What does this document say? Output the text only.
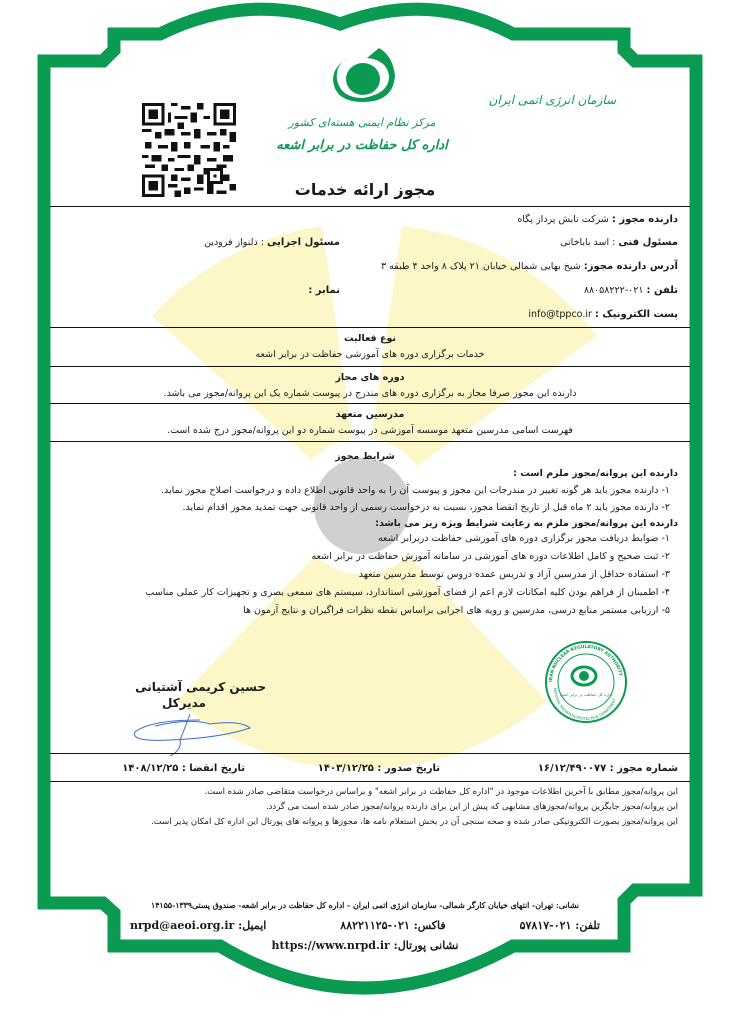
مرکز نظام ایمنی هسته‌ای کشور
اداره کل حفاظت در برابر اشعه
سازمان انرژی اتمی ایران
مجوز ارائه خدمات
دارنده مجوز : شرکت تابش پرداز پگاه
مسئول فنی : اسد باباخانی
مسئول اجرایی : دلنواز فرودین
آدرس دارنده مجوز: شیخ بهایی شمالی خیابان ۲۱ پلاک ۸ واحد ۴ طبقه ۳
تلفن : ۰۲۱-۸۸۰۵۸۲۲۲
نمابر :
پست الکترونیک : info@tppco.ir
نوع فعالیت
خدمات برگزاری دوره های آموزشی حفاظت در برابر اشعه
دوره های مجاز
دارنده این مجوز صرفا مجاز به برگزاری دوره های مندرج در پیوست شماره یک این پروانه/مجوز می باشد.
مدرسین متعهد
فهرست اسامی مدرسین متعهد موسسه آموزشی در پیوست شماره دو این پروانه/مجوز درج شده است.
شرایط مجوز
دارنده این پروانه/مجوز ملزم است :
۱- دارنده مجوز باید هر گونه تغییر در مندرجات این مجوز و پیوست آن را به واحد قانونی اطلاع داده و درخواست اصلاح مجوز نماید.
۲- دارنده مجوز باید ۲ ماه قبل از تاریخ انقضا مجوز، نسبت به درخواست رسمی از واحد قانونی جهت تمدید مجوز اقدام نماید.
دارنده این پروانه/مجوز ملزم به رعایت شرایط ویژه زیر می باشد:
۱- ضوابط دریافت مجوز برگزاری دوره های آموزشی حفاظت دربرابر اشعه
۲- ثبت صحیح و کامل اطلاعات دوره های آموزشی در سامانه آموزش حفاظت در برابر اشعه
۳- استفاده حداقل از مدرسین آزاد و تدریس عمده دروس توسط مدرسین متعهد
۴- اطمینان از فراهم بودن کلیه امکانات لازم اعم از فضای آموزشی استاندارد، سیستم های سمعی بصری و تجهیزات کار عملی مناسب
۵- ارزیابی مستمر منابع درسی، مدرسین و رویه های اجرایی براساس نقطه نظرات فراگیران و نتایج آزمون ها
IRAN NUCLEAR REGULATORY AUTHORITY
NATIONAL RADIATION PROTECTION DEPARTMENT
اداره کل حفاظت در برابر اشعه
حسین کریمی آشتیانی
مدیرکل
شماره مجوز : ۱۶/۱۲/۴۹۰۰۷۷
تاریخ صدور : ۱۴۰۳/۱۲/۲۵
تاریخ انقضا : ۱۴۰۸/۱۲/۲۵
این پروانه/مجوز مطابق با آخرین اطلاعات موجود در "اداره کل حفاظت در برابر اشعه" و براساس درخواست متقاضی صادر شده است.
این پروانه/مجوز جایگزین پروانه/مجوزهای مشابهی که پیش از این برای دارنده پروانه/مجوز صادر شده است می گردد.
این پروانه/مجوز بصورت الکترونیکی صادر شده و صحه سنجی آن در بخش استعلام نامه ها، مجوزها و پروانه های پورتال این اداره کل امکان پذیر است.
نشانی: تهران- انتهای خیابان کارگر شمالی- سازمان انرژی اتمی ایران - اداره کل حفاظت در برابر اشعه- صندوق پستی۱۳۳۹-۱۴۱۵۵
تلفن: ۰۲۱-۵۷۸۱۷
فاکس: ۰۲۱-۸۸۲۲۱۱۲۵
ایمیل: nrpd@aeoi.org.ir
نشانی پورتال: https://www.nrpd.ir
